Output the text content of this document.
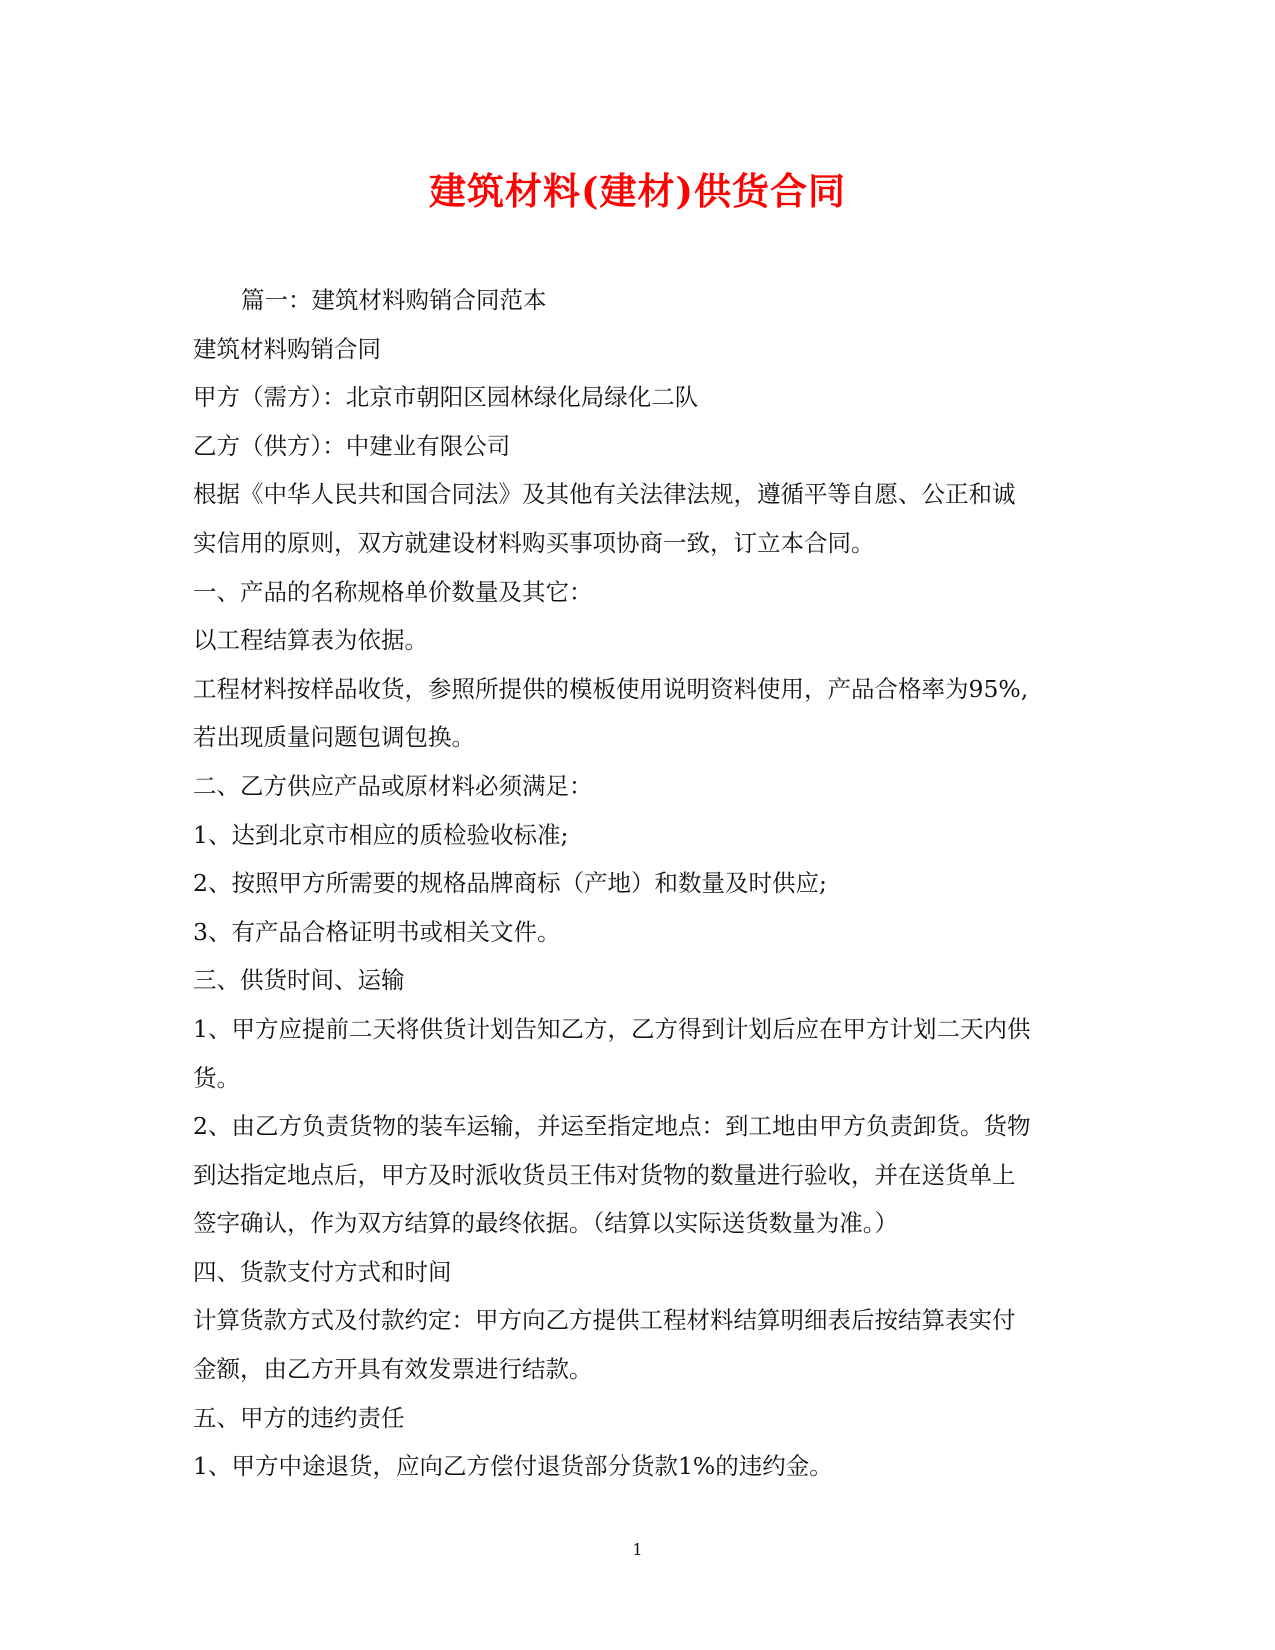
建筑材料(建材)供货合同

篇一：建筑材料购销合同范本

建筑材料购销合同

甲方（需方）：北京市朝阳区园林绿化局绿化二队

乙方（供方）：中建业有限公司

根据《中华人民共和国合同法》及其他有关法律法规，遵循平等自愿、公正和诚

实信用的原则，双方就建设材料购买事项协商一致，订立本合同。

一、产品的名称规格单价数量及其它：

以工程结算表为依据。

工程材料按样品收货，参照所提供的模板使用说明资料使用，产品合格率为95%,

若出现质量问题包调包换。

二、乙方供应产品或原材料必须满足：

1、达到北京市相应的质检验收标准;

2、按照甲方所需要的规格品牌商标（产地）和数量及时供应;

3、有产品合格证明书或相关文件。

三、供货时间、运输

1、甲方应提前二天将供货计划告知乙方，乙方得到计划后应在甲方计划二天内供

货。

2、由乙方负责货物的装车运输，并运至指定地点：到工地由甲方负责卸货。货物

到达指定地点后，甲方及时派收货员王伟对货物的数量进行验收，并在送货单上

签字确认，作为双方结算的最终依据。（结算以实际送货数量为准。）

四、货款支付方式和时间

计算货款方式及付款约定：甲方向乙方提供工程材料结算明细表后按结算表实付

金额，由乙方开具有效发票进行结款。

五、甲方的违约责任

1、甲方中途退货，应向乙方偿付退货部分货款1%的违约金。

1
